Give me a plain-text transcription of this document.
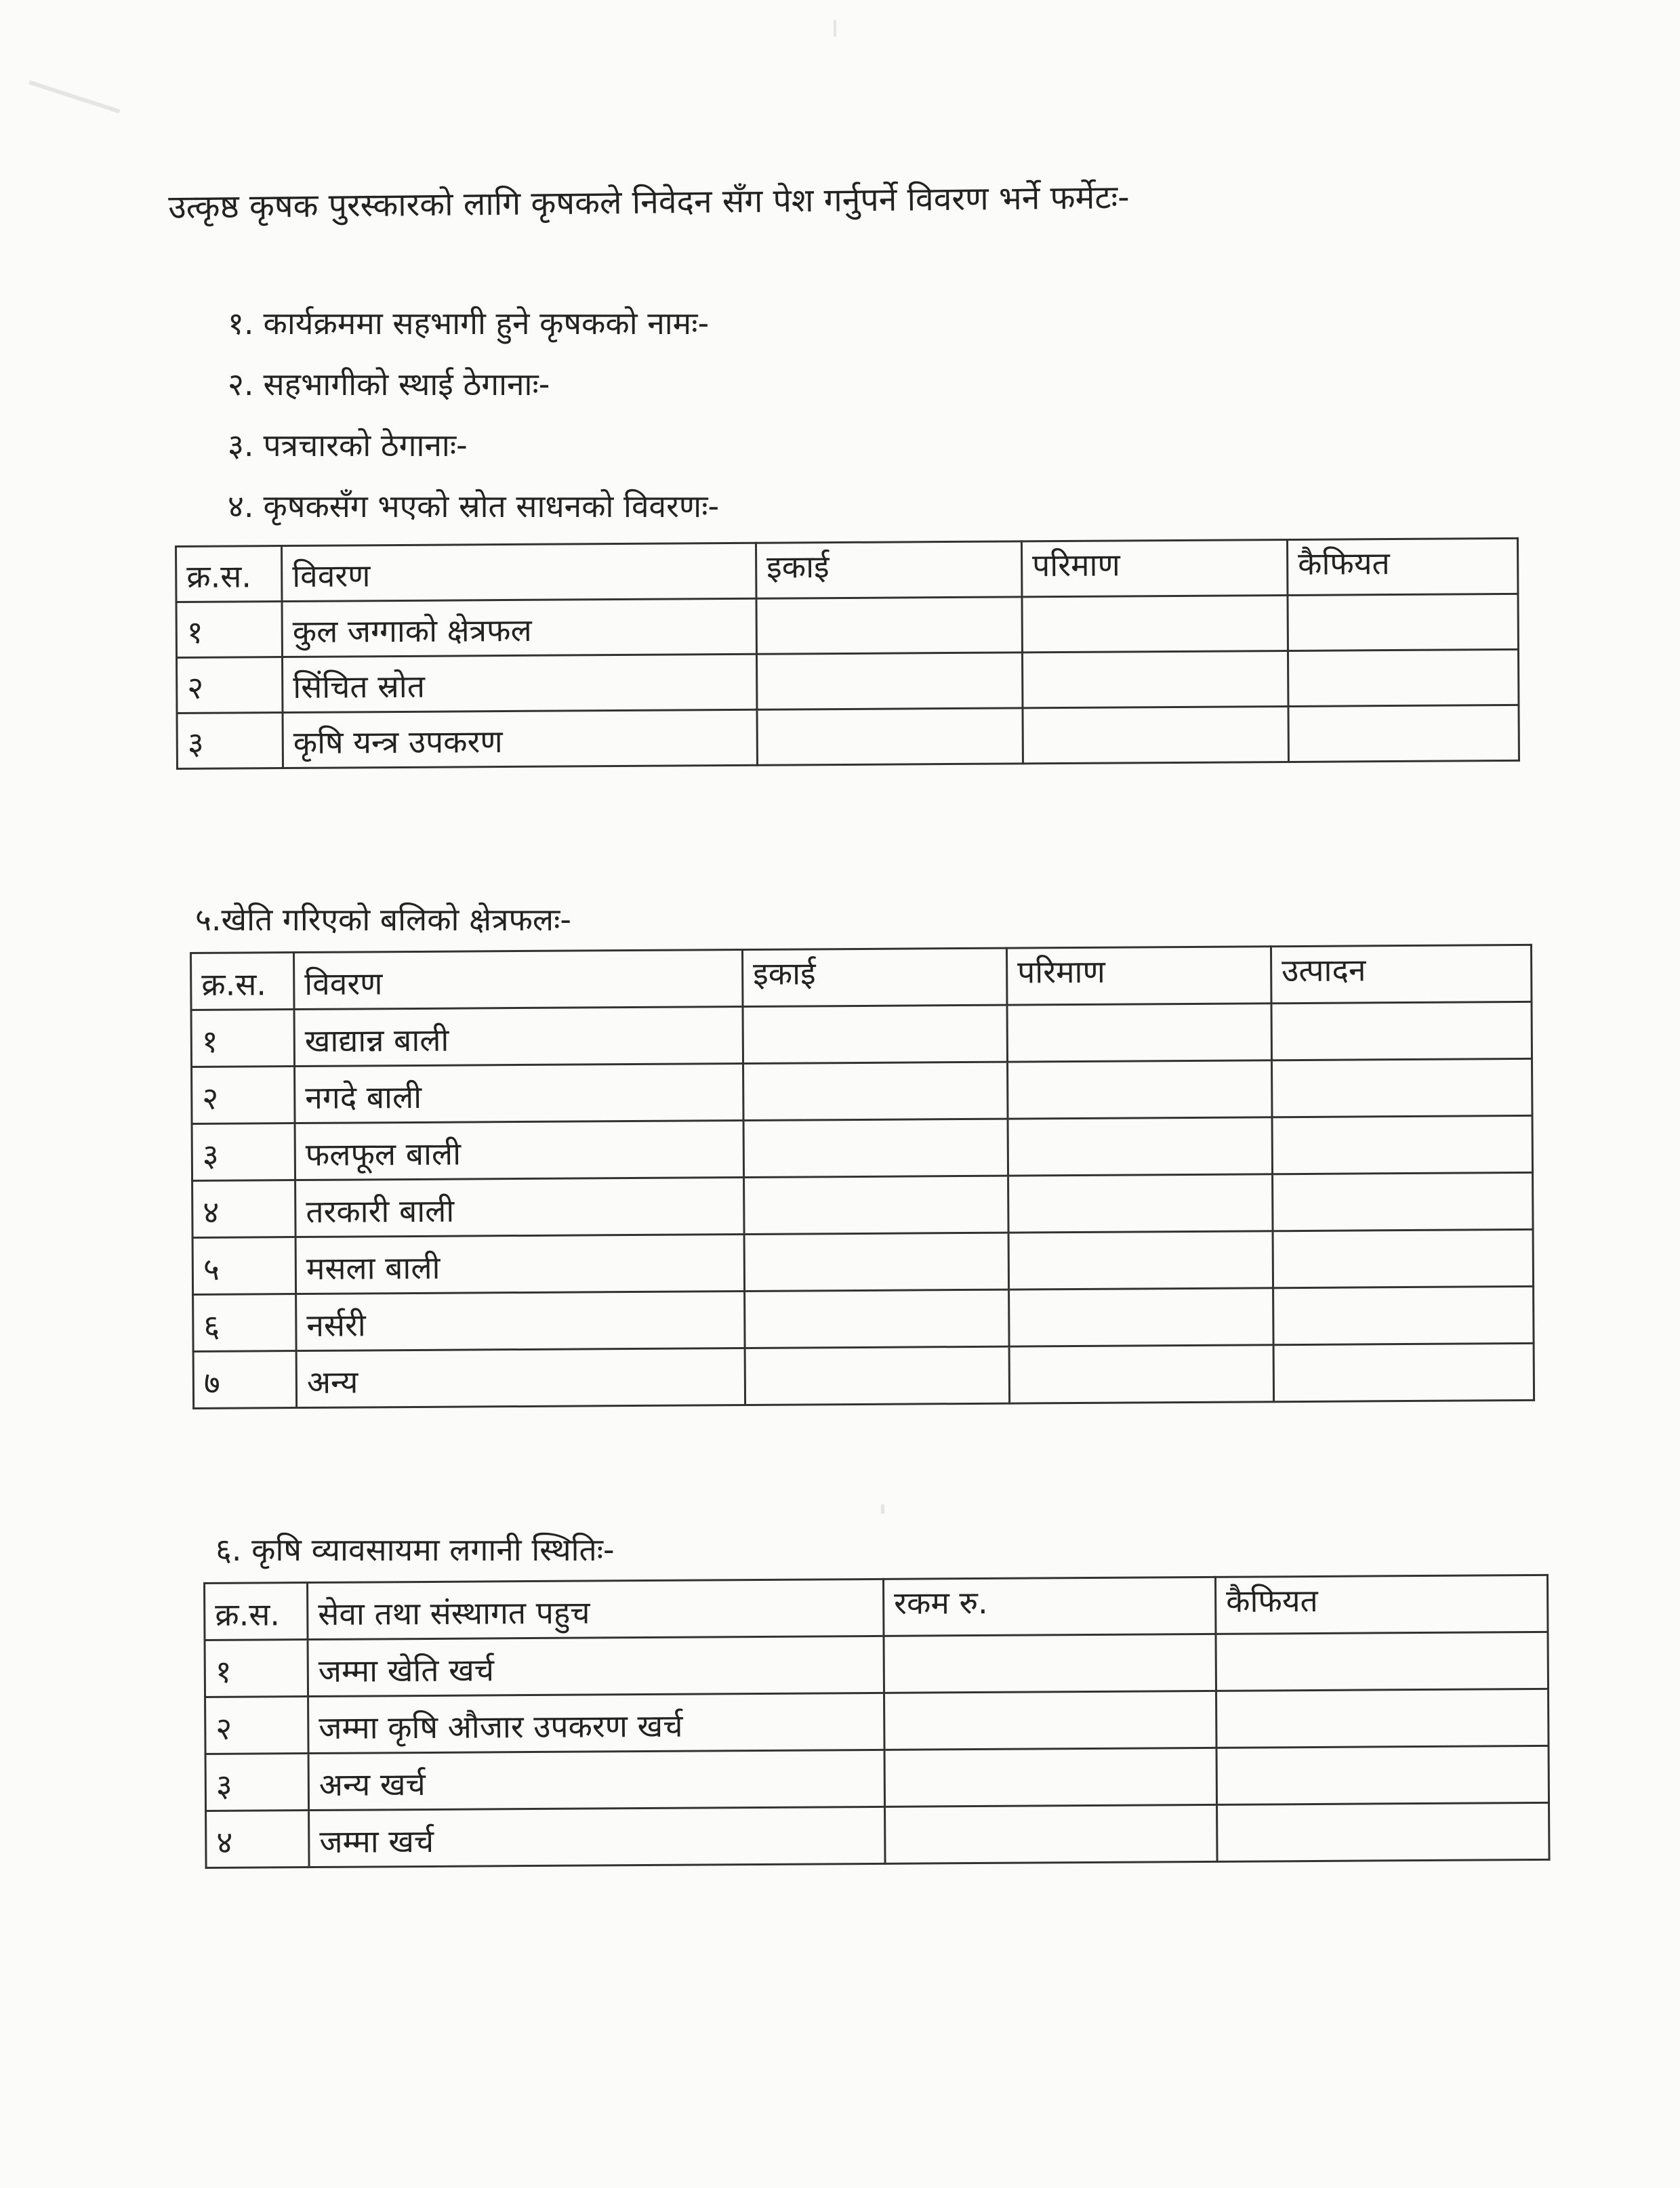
उत्कृष्ठ कृषक पुरस्कारको लागि कृषकले निवेदन सँग पेश गर्नुपर्ने विवरण भर्ने फर्मेटः-
१. कार्यक्रममा सहभागी हुने कृषकको नामः-
२. सहभागीको स्थाई ठेगानाः-
३. पत्रचारको ठेगानाः-
४. कृषकसँग भएको स्रोत साधनको विवरणः-
क्र.स.	विवरण	इकाई	परिमाण	कैफियत
१	कुल जग्गाको क्षेत्रफल			
२	सिंचित स्रोत			
३	कृषि यन्त्र उपकरण			
५.खेति गरिएको बलिको क्षेत्रफलः-
क्र.स.	विवरण	इकाई	परिमाण	उत्पादन
१	खाद्यान्न बाली			
२	नगदे बाली			
३	फलफूल बाली			
४	तरकारी बाली			
५	मसला बाली			
६	नर्सरी			
७	अन्य			
६. कृषि व्यावसायमा लगानी स्थितिः-
क्र.स.	सेवा तथा संस्थागत पहुच	रकम रु.	कैफियत
१	जम्मा खेति खर्च		
२	जम्मा कृषि औजार उपकरण खर्च		
३	अन्य खर्च		
४	जम्मा खर्च		
